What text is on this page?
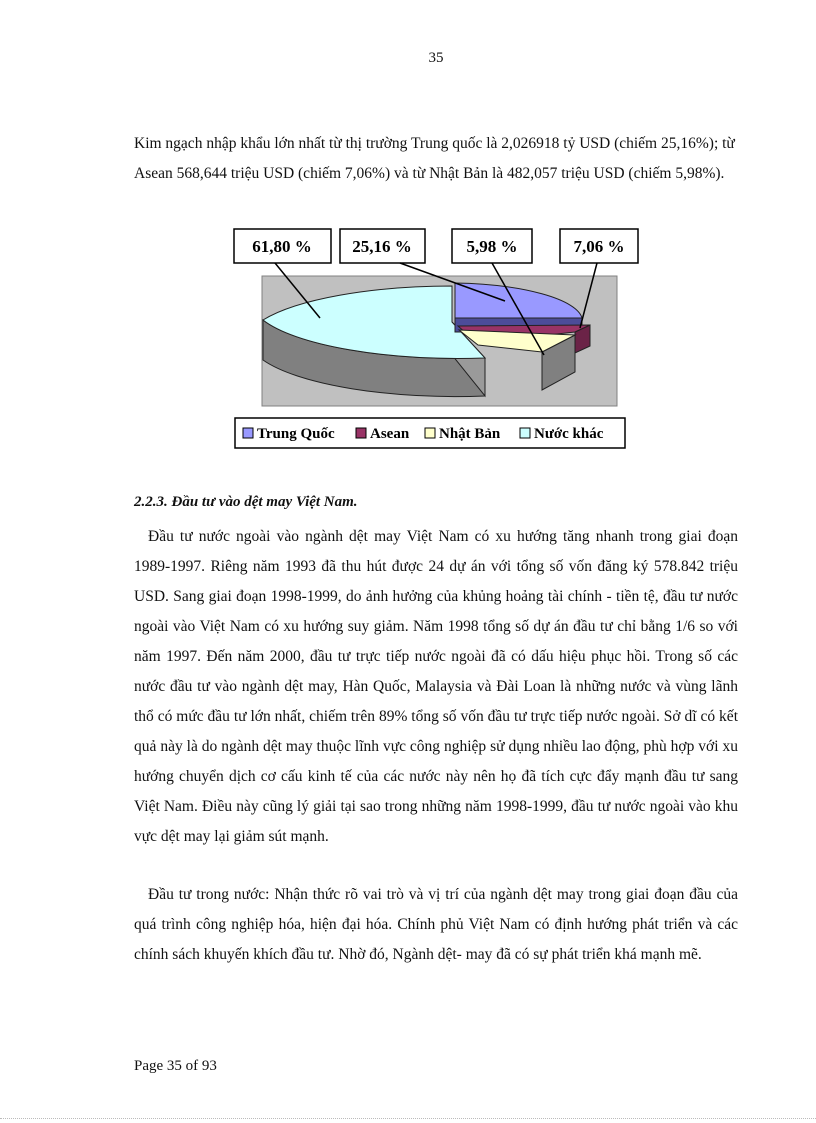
35

Kim ngạch nhập khẩu lớn nhất từ thị trường Trung quốc là 2,026918 tỷ USD (chiếm 25,16%); từ Asean 568,644 triệu USD (chiếm 7,06%) và từ Nhật Bản là 482,057 triệu USD (chiếm 5,98%).

61,80 % 25,16 %	5,98 %	7,06 %
Trung Quốc Asean Nhật Bản Nước khác

2.2.3. Đầu tư vào dệt may Việt Nam.

Đầu tư nước ngoài vào ngành dệt may Việt Nam có xu hướng tăng nhanh trong giai đoạn 1989-1997. Riêng năm 1993 đã thu hút được 24 dự án với tổng số vốn đăng ký 578.842 triệu USD. Sang giai đoạn 1998-1999, do ảnh hưởng của khủng hoảng tài chính - tiền tệ, đầu tư nước ngoài vào Việt Nam có xu hướng suy giảm. Năm 1998 tổng số dự án đầu tư chỉ bằng 1/6 so với năm 1997. Đến năm 2000, đầu tư trực tiếp nước ngoài đã có dấu hiệu phục hồi. Trong số các nước đầu tư vào ngành dệt may, Hàn Quốc, Malaysia và Đài Loan là những nước và vùng lãnh thổ có mức đầu tư lớn nhất, chiếm trên 89% tổng số vốn đầu tư trực tiếp nước ngoài. Sở dĩ có kết quả này là do ngành dệt may thuộc lĩnh vực công nghiệp sử dụng nhiều lao động, phù hợp với xu hướng chuyển dịch cơ cấu kinh tế của các nước này nên họ đã tích cực đẩy mạnh đầu tư sang Việt Nam. Điều này cũng lý giải tại sao trong những năm 1998-1999, đầu tư nước ngoài vào khu vực dệt may lại giảm sút mạnh.

Đầu tư trong nước: Nhận thức rõ vai trò và vị trí của ngành dệt may trong giai đoạn đầu của quá trình công nghiệp hóa, hiện đại hóa. Chính phủ Việt Nam có định hướng phát triển và các chính sách khuyến khích đầu tư. Nhờ đó, Ngành dệt- may đã có sự phát triển khá mạnh mẽ.

Page 35 of 93
